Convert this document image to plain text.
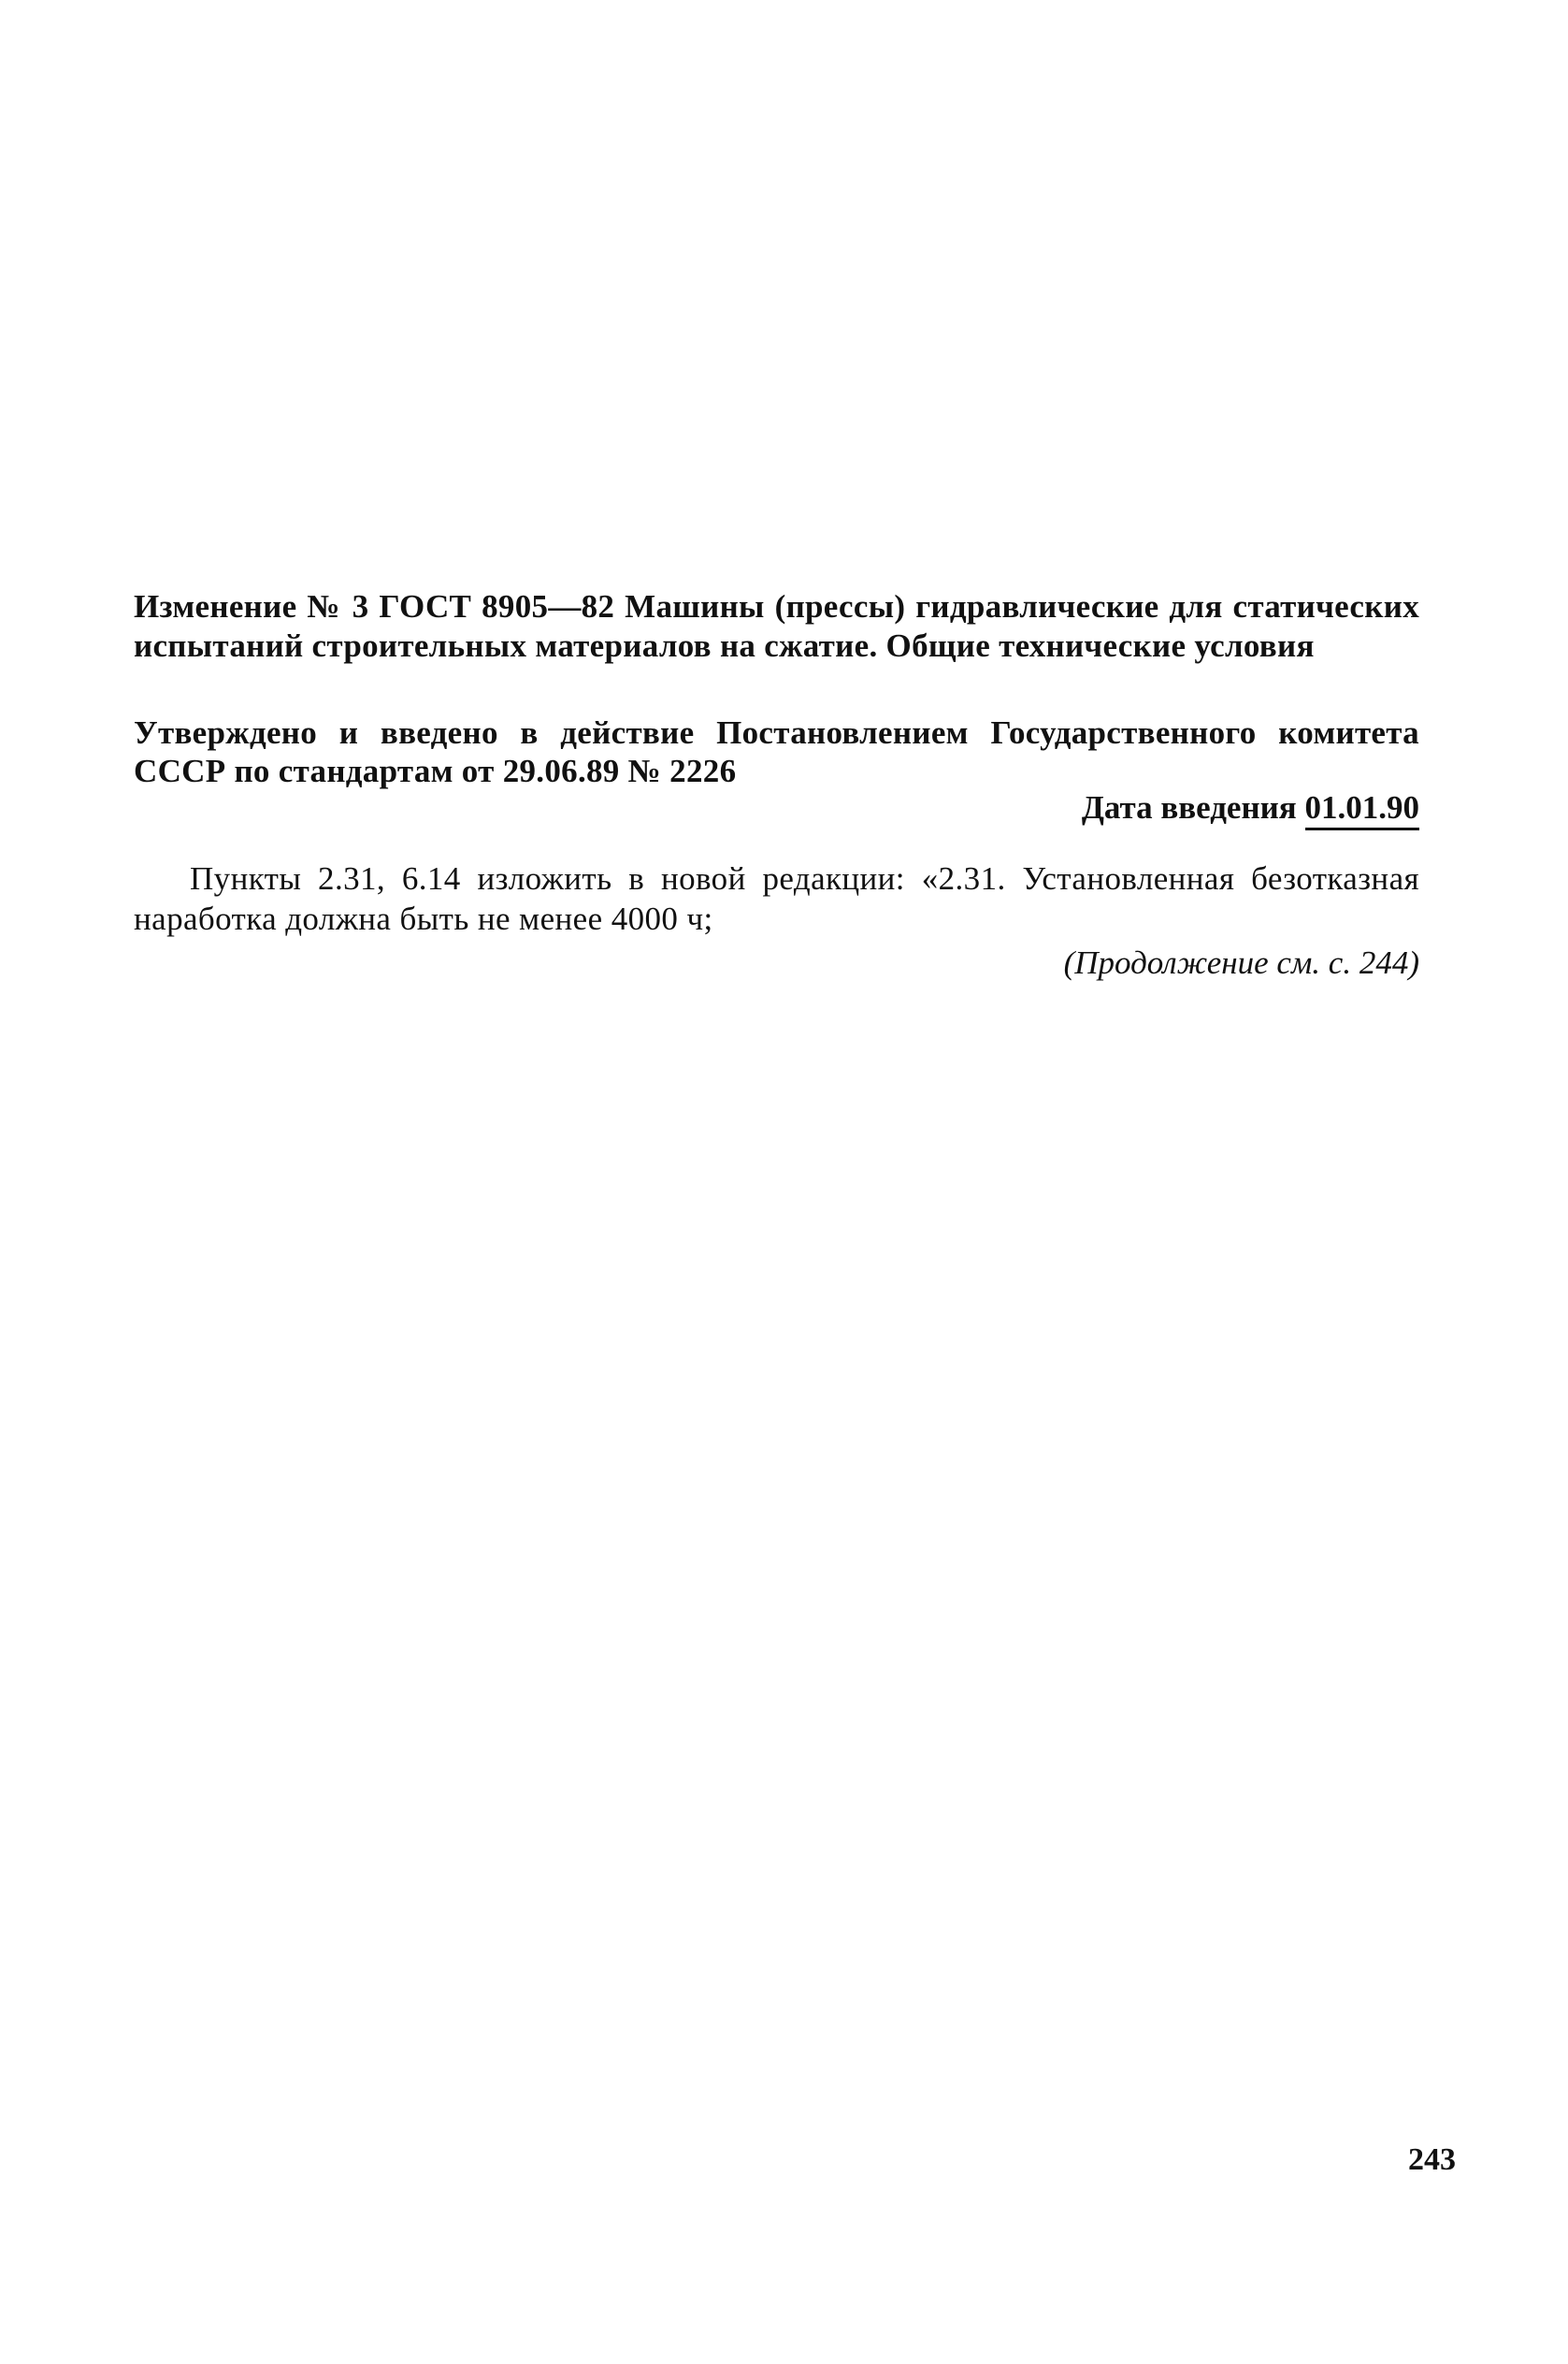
Изменение № 3 ГОСТ 8905—82 Машины (прессы) гидравлические для статических испытаний строительных материалов на сжатие. Общие технические условия
Утверждено и введено в действие Постановлением Государственного комитета СССР по стандартам от 29.06.89 № 2226
Дата введения 01.01.90
Пункты 2.31, 6.14 изложить в новой редакции: «2.31. Установленная безотказная наработка должна быть не менее 4000 ч;
(Продолжение см. с. 244)
243
